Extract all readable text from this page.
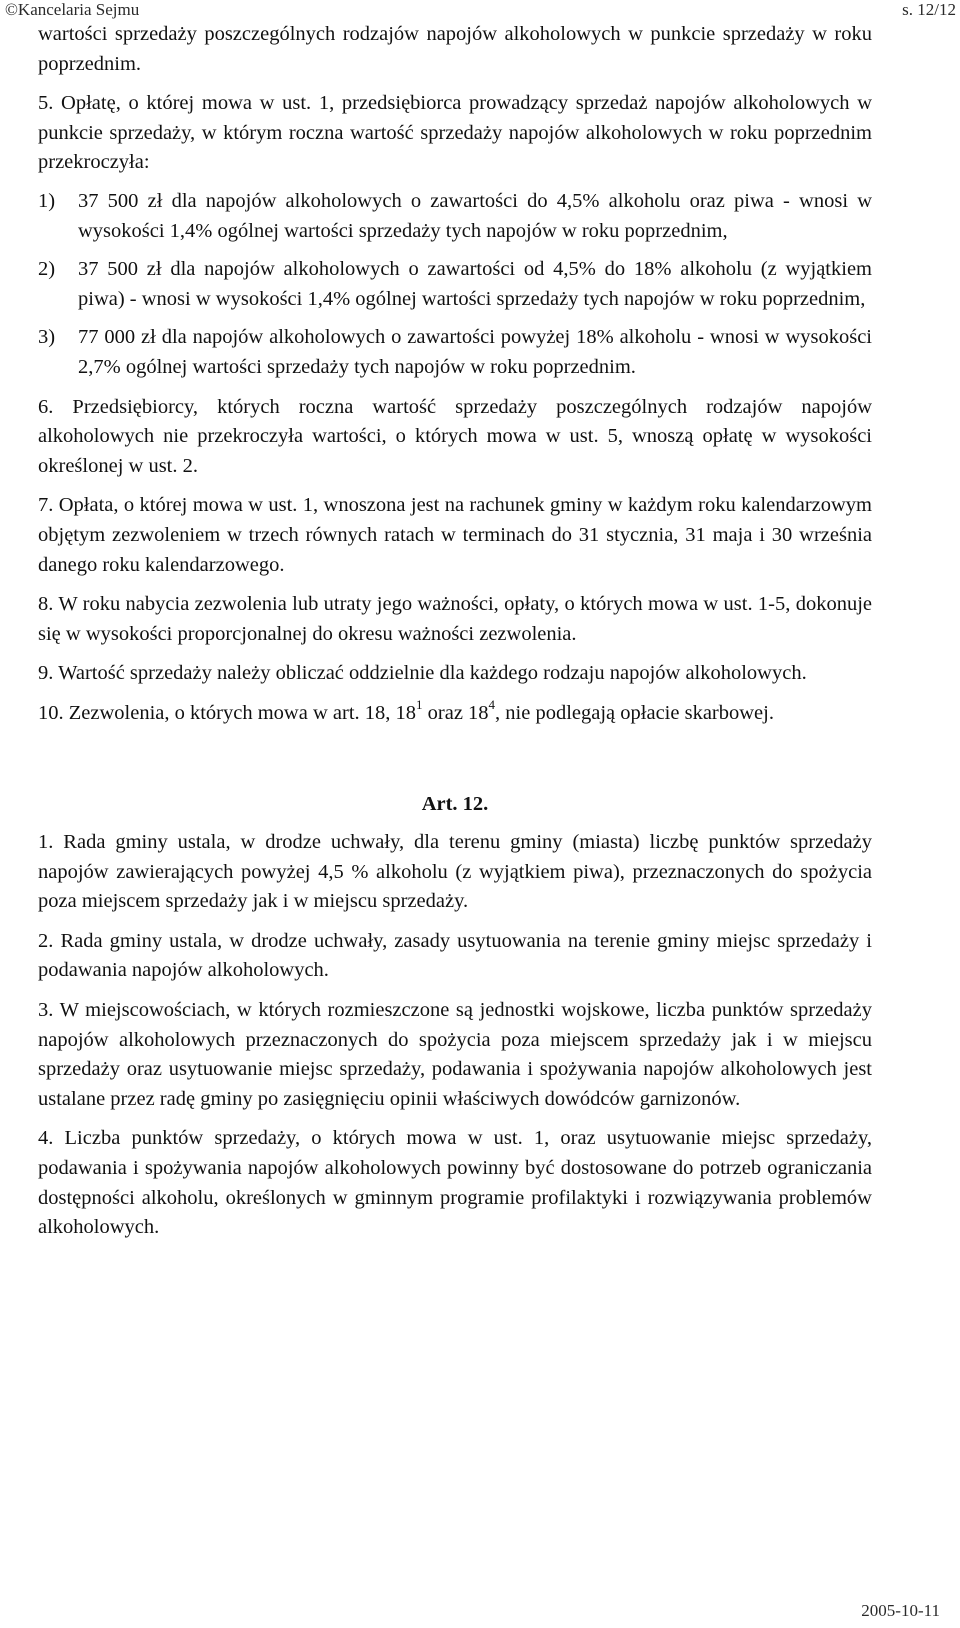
©Kancelaria Sejmu	s. 12/12

wartości sprzedaży poszczególnych rodzajów napojów alkoholowych w punkcie sprzedaży w roku poprzednim.

5. Opłatę, o której mowa w ust. 1, przedsiębiorca prowadzący sprzedaż napojów alkoholowych w punkcie sprzedaży, w którym roczna wartość sprzedaży napojów alkoholowych w roku poprzednim przekroczyła:

1) 37 500 zł dla napojów alkoholowych o zawartości do 4,5% alkoholu oraz piwa - wnosi w wysokości 1,4% ogólnej wartości sprzedaży tych napojów w roku poprzednim,
2) 37 500 zł dla napojów alkoholowych o zawartości od 4,5% do 18% alkoholu (z wyjątkiem piwa) - wnosi w wysokości 1,4% ogólnej wartości sprzedaży tych napojów w roku poprzednim,
3) 77 000 zł dla napojów alkoholowych o zawartości powyżej 18% alkoholu - wnosi w wysokości 2,7% ogólnej wartości sprzedaży tych napojów w roku poprzednim.

6. Przedsiębiorcy, których roczna wartość sprzedaży poszczególnych rodzajów napojów alkoholowych nie przekroczyła wartości, o których mowa w ust. 5, wnoszą opłatę w wysokości określonej w ust. 2.

7. Opłata, o której mowa w ust. 1, wnoszona jest na rachunek gminy w każdym roku kalendarzowym objętym zezwoleniem w trzech równych ratach w terminach do 31 stycznia, 31 maja i 30 września danego roku kalendarzowego.

8. W roku nabycia zezwolenia lub utraty jego ważności, opłaty, o których mowa w ust. 1-5, dokonuje się w wysokości proporcjonalnej do okresu ważności zezwolenia.

9. Wartość sprzedaży należy obliczać oddzielnie dla każdego rodzaju napojów alkoholowych.

10. Zezwolenia, o których mowa w art. 18, $18^1$ oraz $18^4$, nie podlegają opłacie skarbowej.

Art. 12.

1. Rada gminy ustala, w drodze uchwały, dla terenu gminy (miasta) liczbę punktów sprzedaży napojów zawierających powyżej 4,5 % alkoholu (z wyjątkiem piwa), przeznaczonych do spożycia poza miejscem sprzedaży jak i w miejscu sprzedaży.

2. Rada gminy ustala, w drodze uchwały, zasady usytuowania na terenie gminy miejsc sprzedaży i podawania napojów alkoholowych.

3. W miejscowościach, w których rozmieszczone są jednostki wojskowe, liczba punktów sprzedaży napojów alkoholowych przeznaczonych do spożycia poza miejscem sprzedaży jak i w miejscu sprzedaży oraz usytuowanie miejsc sprzedaży, podawania i spożywania napojów alkoholowych jest ustalane przez radę gminy po zasięgnięciu opinii właściwych dowódców garnizonów.

4. Liczba punktów sprzedaży, o których mowa w ust. 1, oraz usytuowanie miejsc sprzedaży, podawania i spożywania napojów alkoholowych powinny być dostosowane do potrzeb ograniczania dostępności alkoholu, określonych w gminnym programie profilaktyki i rozwiązywania problemów alkoholowych.

2005-10-11
